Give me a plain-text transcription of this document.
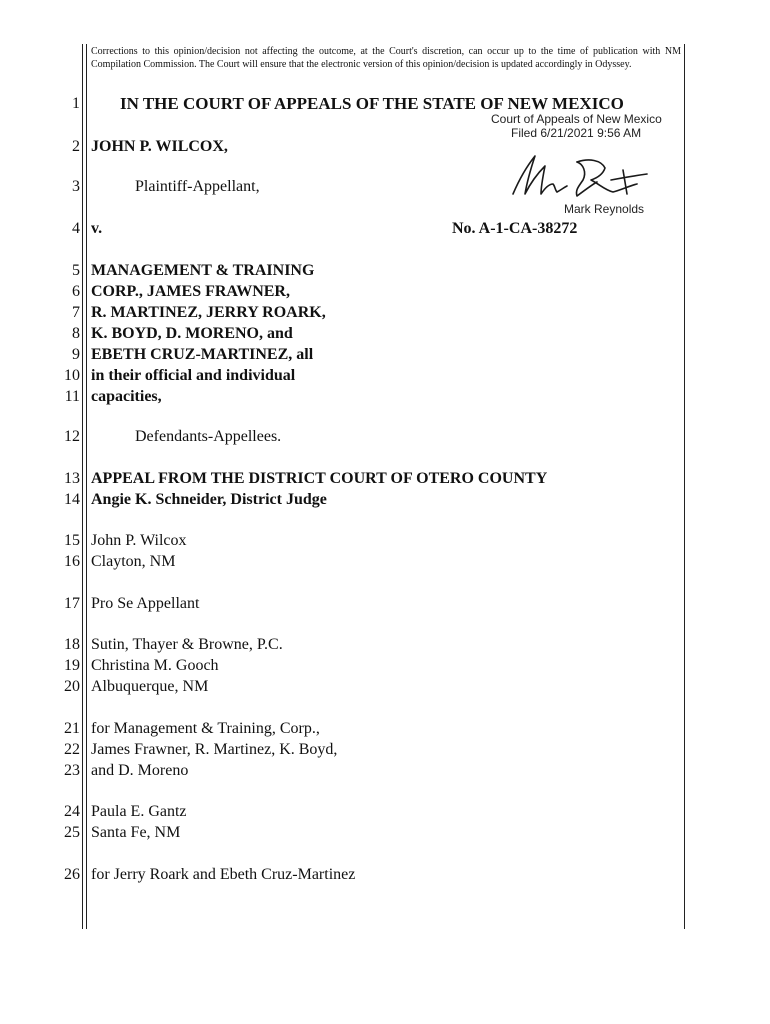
Corrections to this opinion/decision not affecting the outcome, at the Court's discretion, can occur up to the time of publication with NM Compilation Commission. The Court will ensure that the electronic version of this opinion/decision is updated accordingly in Odyssey.
1
2
3
4
5
6
7
8
9
10
11
12
13
14
15
16
17
18
19
20
21
22
23
24
25
26
IN THE COURT OF APPEALS OF THE STATE OF NEW MEXICO
Court of Appeals of New Mexico
Filed 6/21/2021 9:56 AM
Mark Reynolds
JOHN P. WILCOX,
Plaintiff-Appellant,
v.	No. A-1-CA-38272
MANAGEMENT & TRAINING
CORP., JAMES FRAWNER,
R. MARTINEZ, JERRY ROARK,
K. BOYD, D. MORENO, and
EBETH CRUZ-MARTINEZ, all
in their official and individual
capacities,
Defendants-Appellees.
APPEAL FROM THE DISTRICT COURT OF OTERO COUNTY
Angie K. Schneider, District Judge
John P. Wilcox
Clayton, NM
Pro Se Appellant
Sutin, Thayer & Browne, P.C.
Christina M. Gooch
Albuquerque, NM
for Management & Training, Corp.,
James Frawner, R. Martinez, K. Boyd,
and D. Moreno
Paula E. Gantz
Santa Fe, NM
for Jerry Roark and Ebeth Cruz-Martinez
